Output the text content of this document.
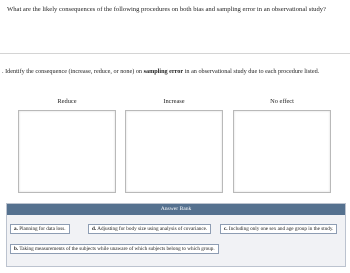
What are the likely consequences of the following procedures on both bias and sampling error in an observational study?
. Identify the consequence (increase, reduce, or none) on sampling error in an observational study due to each procedure listed.
Reduce	Increase	No effect
Answer Bank
a. Planning for data loss.	d. Adjusting for body size using analysis of covariance.	c. Including only one sex and age group in the study.
b. Taking measurements of the subjects while unaware of which subjects belong to which group.
